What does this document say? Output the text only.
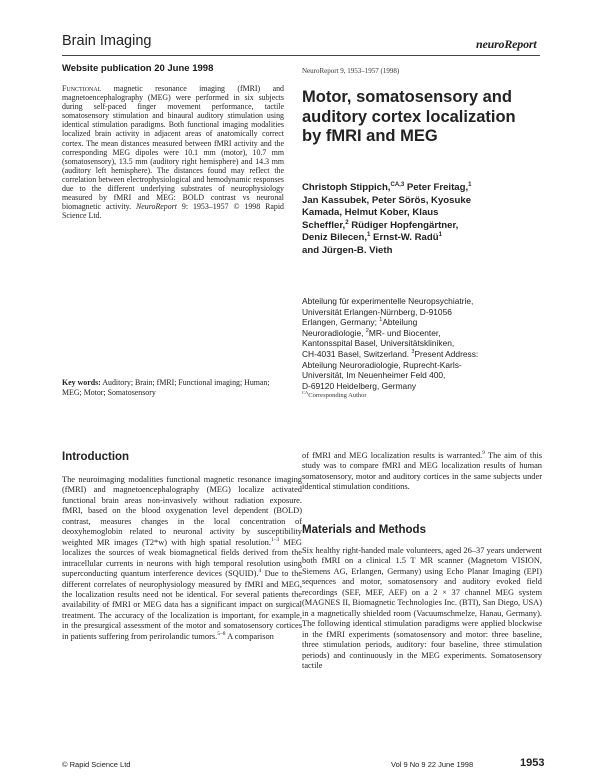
Brain Imaging	neuroReport
Website publication 20 June 1998	NeuroReport 9, 1953–1957 (1998)
Functional magnetic resonance imaging (fMRI) and magnetoencephalography (MEG) were performed in six subjects during self-paced finger movement performance, tactile somatosensory stimulation and binaural auditory stimulation using identical stimulation paradigms. Both functional imaging modalities localized brain activity in adjacent areas of anatomically correct cortex. The mean distances measured between fMRI activity and the corresponding MEG dipoles were 10.1 mm (motor), 10.7 mm (somatosensory), 13.5 mm (auditory right hemisphere) and 14.3 mm (auditory left hemisphere). The distances found may reflect the correlation between electrophysiological and hemodynamic responses due to the different underlying substrates of neurophysiology measured by fMRI and MEG: BOLD contrast vs neuronal biomagnetic activity. NeuroReport 9: 1953–1957 © 1998 Rapid Science Ltd.
Key words: Auditory; Brain; fMRI; Functional imaging; Human; MEG; Motor; Somatosensory
Motor, somatosensory and auditory cortex localization by fMRI and MEG
Christoph Stippich,$^{CA,3}$ Peter Freitag,$^1$
Jan Kassubek, Peter Sörös, Kyosuke
Kamada, Helmut Kober, Klaus
Scheffler,$^2$ Rüdiger Hopfengärtner,
Deniz Bilecen,$^1$ Ernst-W. Radü$^1$
and Jürgen-B. Vieth
Abteilung für experimentelle Neuropsychiatrie,
Universität Erlangen-Nürnberg, D-91056
Erlangen, Germany; $^1$Abteilung
Neuroradiologie, $^2$MR- und Biocenter,
Kantonsspital Basel, Universitätskliniken,
CH-4031 Basel, Switzerland. $^3$Present Address:
Abteilung Neuroradiologie, Ruprecht-Karls-
Universität, Im Neuenheimer Feld 400,
D-69120 Heidelberg, Germany
$^{CA}$Corresponding Author
Introduction
The neuroimaging modalities functional magnetic resonance imaging (fMRI) and magnetoencephalography (MEG) localize activated functional brain areas non-invasively without radiation exposure. fMRI, based on the blood oxygenation level dependent (BOLD) contrast, measures changes in the local concentration of deoxyhemoglobin related to neuronal activity by susceptibility weighted MR images (T2*w) with high spatial resolution.$^{1-3}$ MEG localizes the sources of weak biomagnetical fields derived from the intracellular currents in neurons with high temporal resolution using superconducting quantum interference devices (SQUID).$^4$ Due to the different correlates of neurophysiology measured by fMRI and MEG, the localization results need not be identical. For several patients the availability of fMRI or MEG data has a significant impact on surgical treatment. The accuracy of the localization is important, for example, in the presurgical assessment of the motor and somatosensory cortices in patients suffering from perirolandic tumors.$^{5-8}$ A comparison
of fMRI and MEG localization results is warranted.$^9$ The aim of this study was to compare fMRI and MEG localization results of human somatosensory, motor and auditory cortices in the same subjects under identical stimulation conditions.
Materials and Methods
Six healthy right-handed male volunteers, aged 26–37 years underwent both fMRI on a clinical 1.5 T MR scanner (Magnetom VISION, Siemens AG, Erlangen, Germany) using Echo Planar Imaging (EPI) sequences and motor, somatosensory and auditory evoked field recordings (SEF, MEF, AEF) on a 2 × 37 channel MEG system (MAGNES II, Biomagnetic Technologies Inc. (BTI), San Diego, USA) in a magnetically shielded room (Vacuumschmelze, Hanau, Germany). The following identical stimulation paradigms were applied blockwise in the fMRI experiments (somatosensory and motor: three baseline, three stimulation periods, auditory: four baseline, three stimulation periods) and continuously in the MEG experiments. Somatosensory tactile
© Rapid Science Ltd	Vol 9 No 9 22 June 1998	1953
